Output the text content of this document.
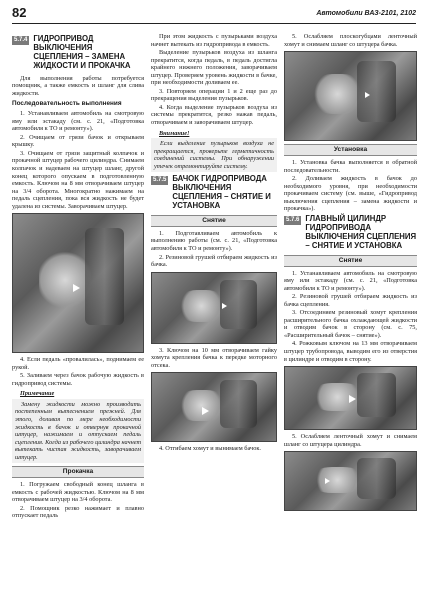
82	Автомобили ВАЗ-2101, 2102
5.7.4 ГИДРОПРИВОД ВЫКЛЮЧЕНИЯ СЦЕПЛЕНИЯ – ЗАМЕНА ЖИДКОСТИ И ПРОКАЧКА

Для выполнения работы потребуется помощник, а также емкость и шланг для слива жидкости.

Последовательность выполнения

1. Устанавливаем автомобиль на смотровую яму или эстакаду (см. с. 21, «Подготовка автомобиля к ТО и ремонту»).

2. Очищаем от грязи бачок и открываем крышку.

3. Очищаем от грязи защитный колпачок и прокачной штуцер рабочего цилиндра. Снимаем колпачок и надеваем на штуцер шланг, другой конец которого опускаем в подготовленную емкость. Ключом на 8 мм отворачиваем штуцер на 3/4 оборота. Многократно нажимаем на педаль сцепления, пока вся жидкость не будет удалена из системы. Заворачиваем штуцер.

4. Если педаль «провалилась», поднимаем ее рукой.

5. Заливаем через бачок рабочую жидкость в гидропривод системы.

Примечание

Замену жидкости можно производить постепенным вытеснением прежней. Для этого, доливая по мере необходимости жидкость в бачок и отвернув прокачной штуцер, нажимаем и отпускаем педаль сцепления. Когда из рабочего цилиндра начнет вытекать чистая жидкость, заворачиваем штуцер.

Прокачка

1. Погружаем свободный конец шланга в емкость с рабочей жидкостью. Ключом на 8 мм отворачиваем штуцер на 3/4 оборота.

2. Помощник резко нажимает и плавно отпускает педаль

При этом жидкость с пузырьками воздуха начнет вытекать из гидропривода в емкость.

Выделение пузырьков воздуха из шланга прекратится, когда педаль, в педаль достигла крайнего нижнего положения, заворачиваем штуцер. Проверяем уровень жидкости в бачке, при необходимости доливаем ее.

3. Повторяем операции 1 и 2 еще раз до прекращения выделения пузырьков.

4. Когда выделение пузырьков воздуха из системы прекратится, резко нажав педаль, отворачиваем и заворачиваем штуцер.

Внимание!

Если выделение пузырьков воздуха не прекращается, проверьте герметичность соединений системы. При обнаружении утечек отремонтируйте систему.

5.7.5 БАЧОК ГИДРОПРИВОДА ВЫКЛЮЧЕНИЯ СЦЕПЛЕНИЯ – СНЯТИЕ И УСТАНОВКА
Снятие

1. Подготавливаем автомобиль к выполнению работы (см. с. 21, «Подготовка автомобиля к ТО и ремонту»).

2. Резиновой грушей отбираем жидкость из бачка.

3. Ключом на 10 мм отворачиваем гайку хомута крепления бачка к передке моторного отсека.

4. Отгибаем хомут и вынимаем бачок.

5. Ослабляем плоскогубцами ленточный хомут и снимаем шланг со штуцера бачка.

Установка

1. Установка бачка выполняется в обратной последовательности.

2. Доливаем жидкость в бачок до необходимого уровня, при необходимости прокачиваем систему (см. выше, «Гидропривод выключения сцепления – замена жидкости и прокачка»).

5.7.6 ГЛАВНЫЙ ЦИЛИНДР ГИДРОПРИВОДА ВЫКЛЮЧЕНИЯ СЦЕПЛЕНИЯ – СНЯТИЕ И УСТАНОВКА
Снятие

1. Устанавливаем автомобиль на смотровую яму или эстакаду (см. с. 21, «Подготовка автомобиля к ТО и ремонту»).

2. Резиновой грушей отбираем жидкость из бачка сцепления.

3. Отсоединяем резиновый хомут крепления расширительного бачка охлаждающей жидкости и отводим бачок в сторону (см. с. 75, «Расширительный бачок – снятие»).

4. Рожковым ключом на 13 мм отворачиваем штуцер трубопровода, выводим его из отверстия в цилиндре и отводим в сторону.

5. Ослабляем ленточный хомут и снимаем шланг со штуцера цилиндра.
